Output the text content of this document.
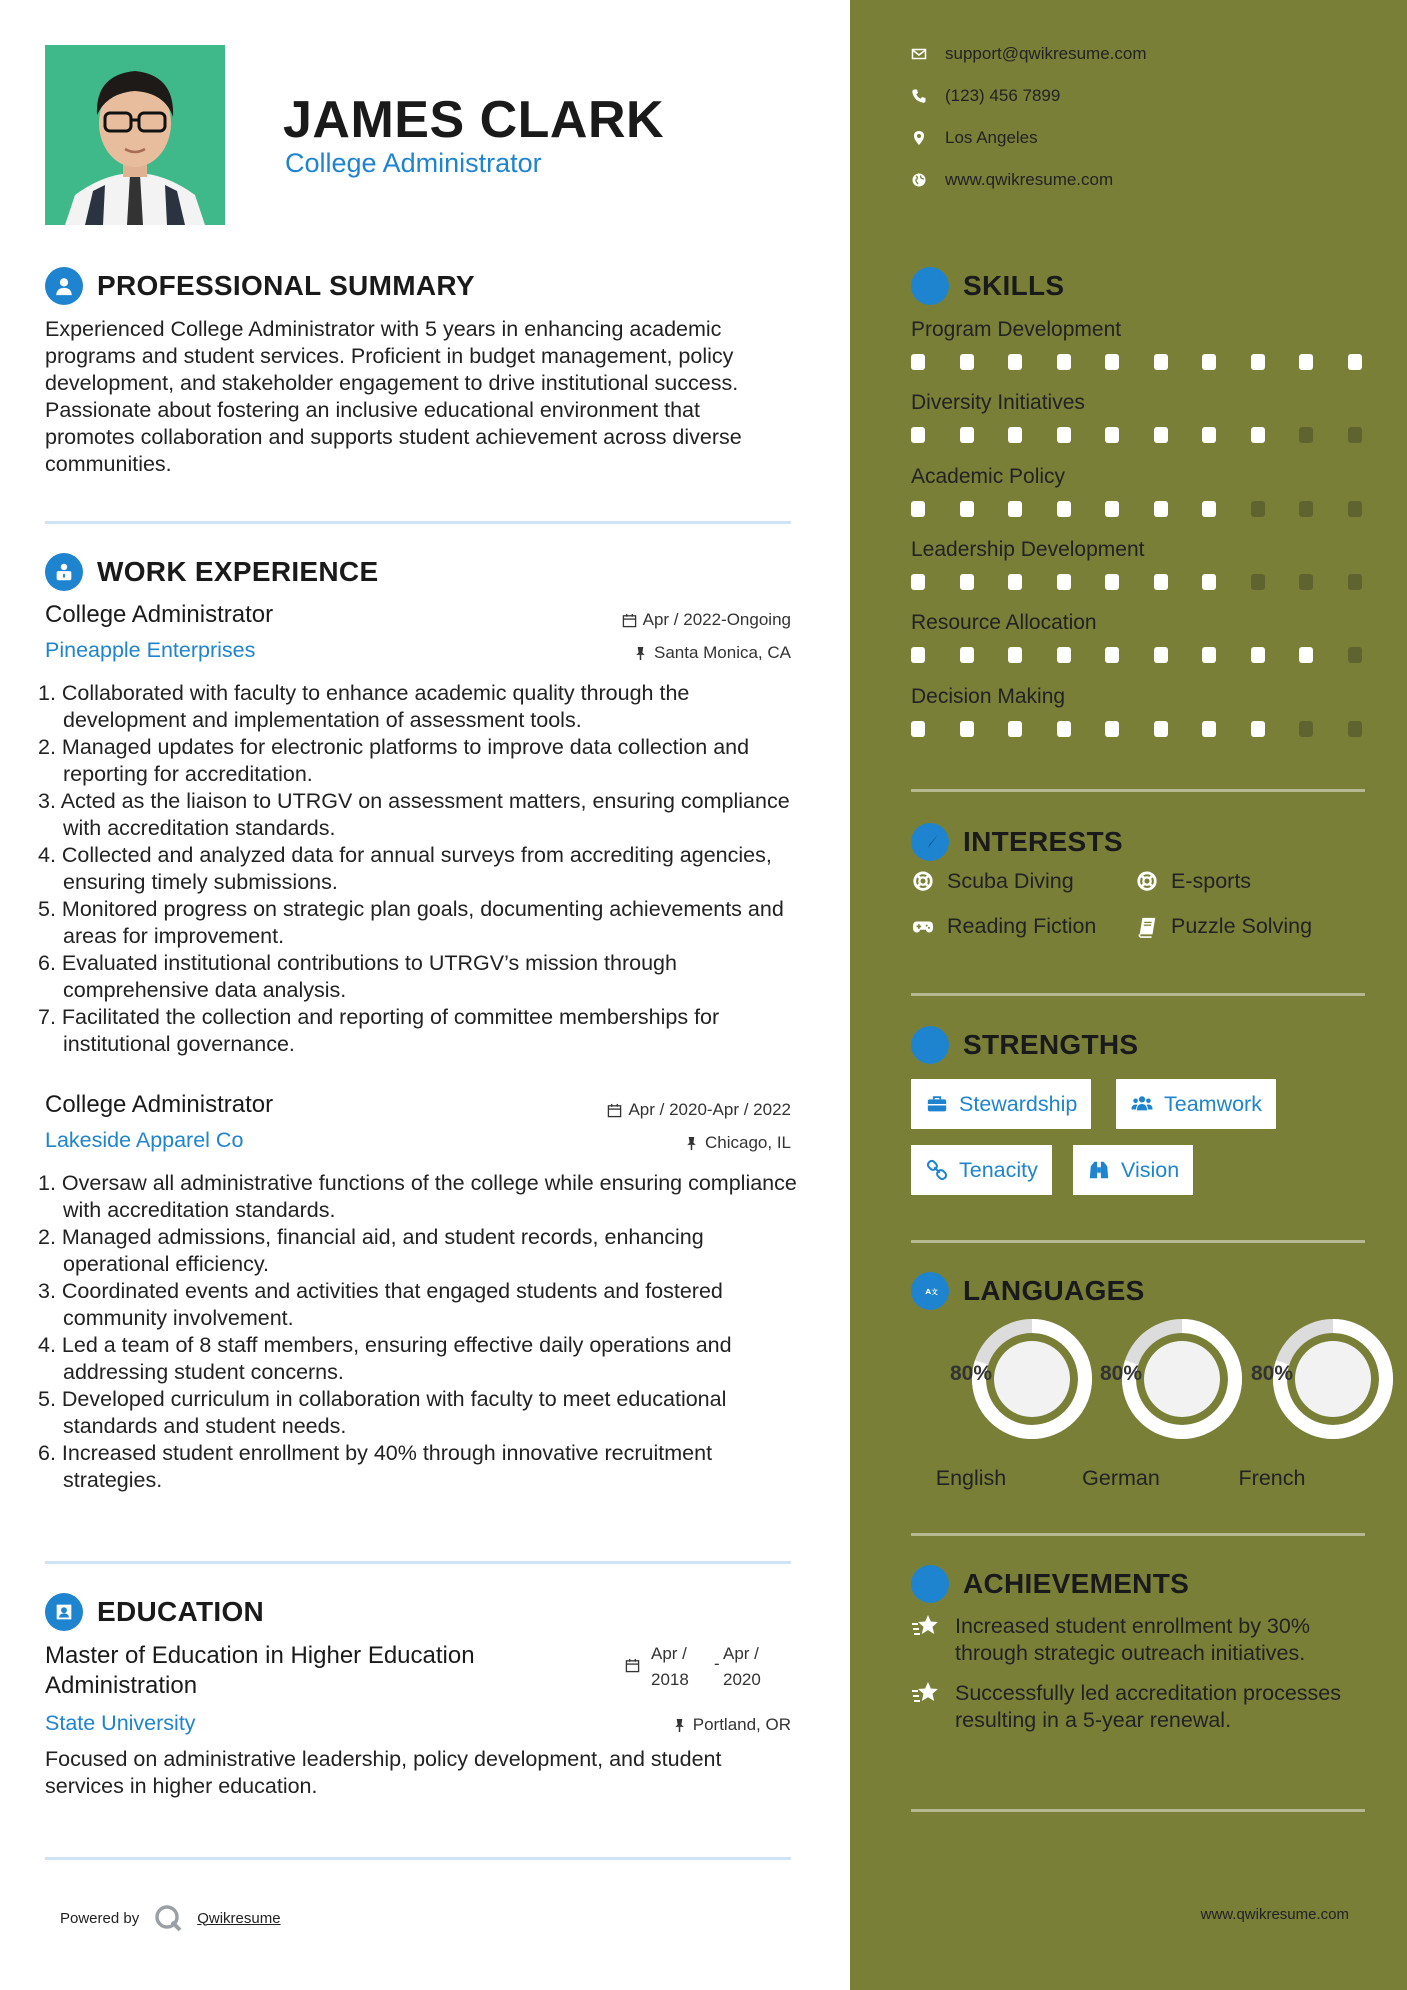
JAMES CLARK
College Administrator
PROFESSIONAL SUMMARY
Experienced College Administrator with 5 years in enhancing academic programs and student services. Proficient in budget management, policy development, and stakeholder engagement to drive institutional success. Passionate about fostering an inclusive educational environment that promotes collaboration and supports student achievement across diverse communities.
WORK EXPERIENCE
College Administrator
Pineapple Enterprises
Apr / 2022-Ongoing
Santa Monica, CA
1. Collaborated with faculty to enhance academic quality through the development and implementation of assessment tools.
2. Managed updates for electronic platforms to improve data collection and reporting for accreditation.
3. Acted as the liaison to UTRGV on assessment matters, ensuring compliance with accreditation standards.
4. Collected and analyzed data for annual surveys from accrediting agencies, ensuring timely submissions.
5. Monitored progress on strategic plan goals, documenting achievements and areas for improvement.
6. Evaluated institutional contributions to UTRGV’s mission through comprehensive data analysis.
7. Facilitated the collection and reporting of committee memberships for institutional governance.
College Administrator
Lakeside Apparel Co
Apr / 2020-Apr / 2022
Chicago, IL
1. Oversaw all administrative functions of the college while ensuring compliance with accreditation standards.
2. Managed admissions, financial aid, and student records, enhancing operational efficiency.
3. Coordinated events and activities that engaged students and fostered community involvement.
4. Led a team of 8 staff members, ensuring effective daily operations and addressing student concerns.
5. Developed curriculum in collaboration with faculty to meet educational standards and student needs.
6. Increased student enrollment by 40% through innovative recruitment strategies.
EDUCATION
Master of Education in Higher Education
Administration
Apr /
2018
-
Apr /
2020
State University	Portland, OR
Focused on administrative leadership, policy development, and student services in higher education.
Powered by	Qwikresume
support@qwikresume.com
(123) 456 7899
Los Angeles
www.qwikresume.com
SKILLS
Program Development
Diversity Initiatives
Academic Policy
Leadership Development
Resource Allocation
Decision Making
INTERESTS
Scuba Diving	E-sports
Reading Fiction	Puzzle Solving
STRENGTHS
Stewardship	Teamwork
Tenacity	Vision
A 文 LANGUAGES
80%
English
80%
German
80%
French
ACHIEVEMENTS
Increased student enrollment by 30% through strategic outreach initiatives.
Successfully led accreditation processes resulting in a 5-year renewal.
www.qwikresume.com
